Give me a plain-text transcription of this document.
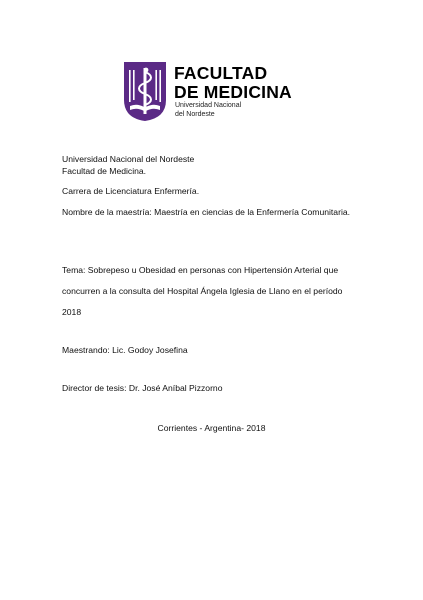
FACULTAD
DE MEDICINA
Universidad Nacional
del Nordeste
Universidad Nacional del Nordeste
Facultad de Medicina.
Carrera de Licenciatura Enfermería.
Nombre de la maestría: Maestría en ciencias de la Enfermería Comunitaria.
Tema: Sobrepeso u Obesidad en personas con Hipertensión Arterial que
concurren a la consulta del Hospital Ángela Iglesia de Llano en el período
2018
Maestrando: Lic. Godoy Josefina
Director de tesis: Dr. José Aníbal Pizzorno
Corrientes - Argentina- 2018
